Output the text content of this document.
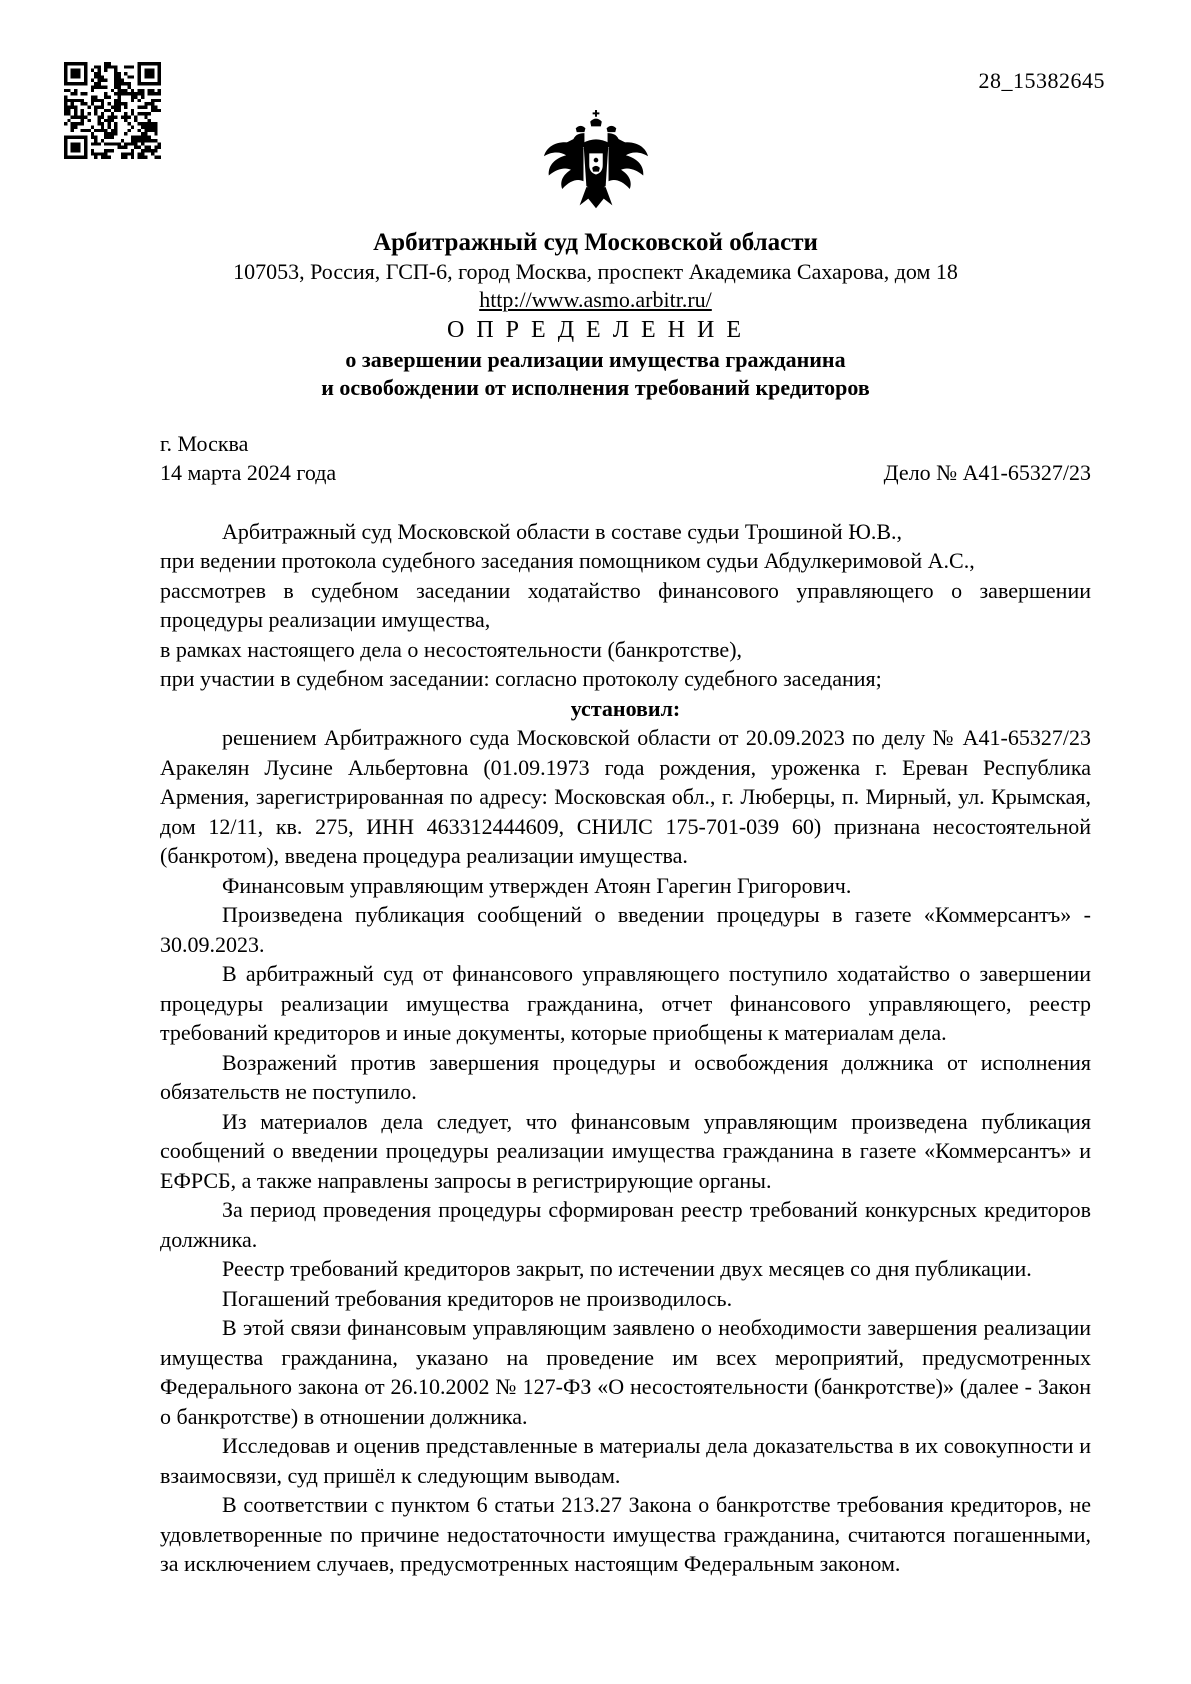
28_15382645
Арбитражный суд Московской области
107053, Россия, ГСП-6, город Москва, проспект Академика Сахарова, дом 18
http://www.asmo.arbitr.ru/
О П Р Е Д Е Л Е Н И Е
о завершении реализации имущества гражданина
и освобождении от исполнения требований кредиторов
г. Москва
14 марта 2024 года	Дело № А41-65327/23

Арбитражный суд Московской области в составе судьи Трошиной Ю.В.,

при ведении протокола судебного заседания помощником судьи Абдулкеримовой А.С.,

рассмотрев в судебном заседании ходатайство финансового управляющего о завершении процедуры реализации имущества,

в рамках настоящего дела о несостоятельности (банкротстве),

при участии в судебном заседании: согласно протоколу судебного заседания;

установил:

решением Арбитражного суда Московской области от 20.09.2023 по делу № А41-65327/23 Аракелян Лусине Альбертовна (01.09.1973 года рождения, уроженка г. Ереван Республика Армения, зарегистрированная по адресу: Московская обл., г. Люберцы, п. Мирный, ул. Крымская, дом 12/11, кв. 275, ИНН 463312444609, СНИЛС 175-701-039 60) признана несостоятельной (банкротом), введена процедура реализации имущества.

Финансовым управляющим утвержден Атоян Гарегин Григорович.

Произведена публикация сообщений о введении процедуры в газете «Коммерсантъ» - 30.09.2023.

В арбитражный суд от финансового управляющего поступило ходатайство о завершении процедуры реализации имущества гражданина, отчет финансового управляющего, реестр требований кредиторов и иные документы, которые приобщены к материалам дела.

Возражений против завершения процедуры и освобождения должника от исполнения обязательств не поступило.

Из материалов дела следует, что финансовым управляющим произведена публикация сообщений о введении процедуры реализации имущества гражданина в газете «Коммерсантъ» и ЕФРСБ, а также направлены запросы в регистрирующие органы.

За период проведения процедуры сформирован реестр требований конкурсных кредиторов должника.

Реестр требований кредиторов закрыт, по истечении двух месяцев со дня публикации.

Погашений требования кредиторов не производилось.

В этой связи финансовым управляющим заявлено о необходимости завершения реализации имущества гражданина, указано на проведение им всех мероприятий, предусмотренных Федерального закона от 26.10.2002 № 127-ФЗ «О несостоятельности (банкротстве)» (далее - Закон о банкротстве) в отношении должника.

Исследовав и оценив представленные в материалы дела доказательства в их совокупности и взаимосвязи, суд пришёл к следующим выводам.

В соответствии с пунктом 6 статьи 213.27 Закона о банкротстве требования кредиторов, не удовлетворенные по причине недостаточности имущества гражданина, считаются погашенными, за исключением случаев, предусмотренных настоящим Федеральным законом.
